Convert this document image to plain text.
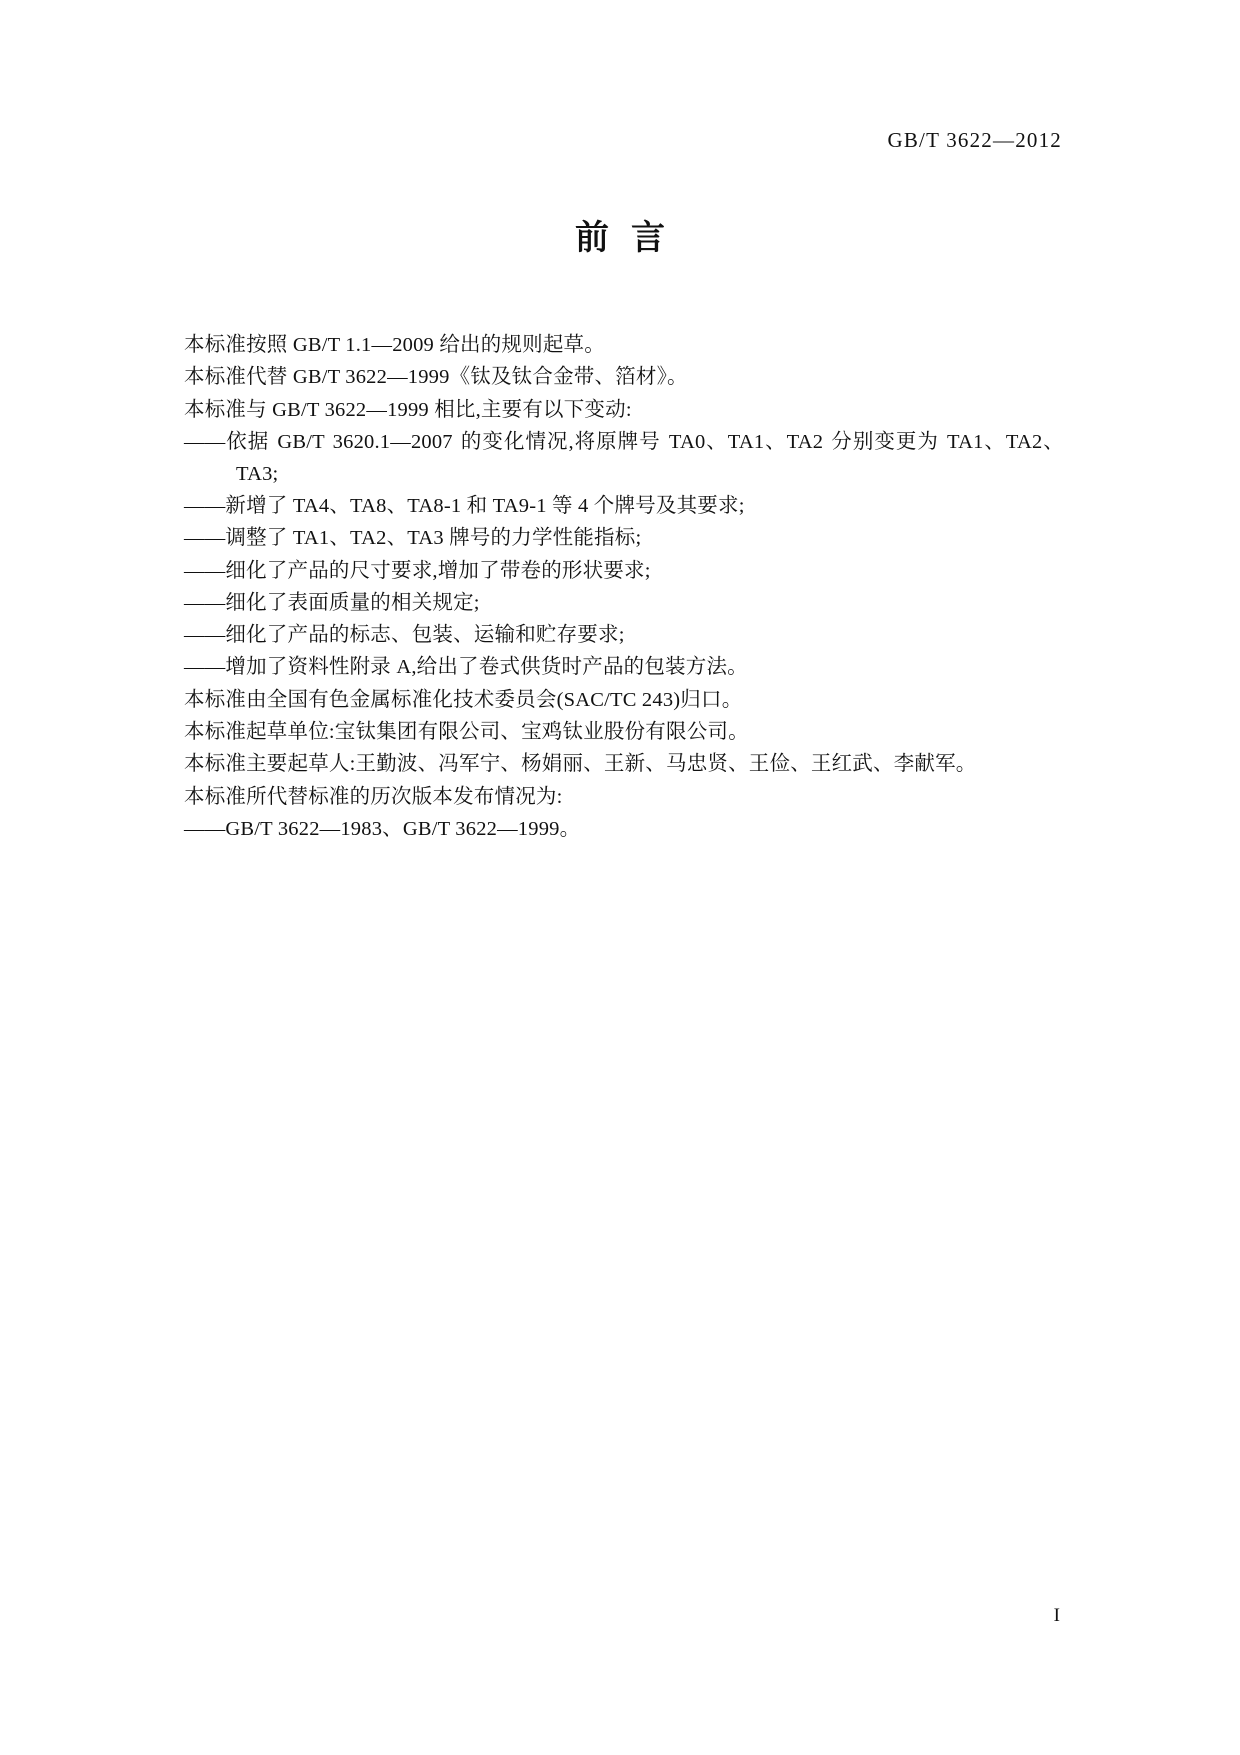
GB/T 3622—2012
前言

本标准按照 GB/T 1.1—2009 给出的规则起草。

本标准代替 GB/T 3622—1999《钛及钛合金带、箔材》。

本标准与 GB/T 3622—1999 相比,主要有以下变动:

——依据 GB/T 3620.1—2007 的变化情况,将原牌号 TA0、TA1、TA2 分别变更为 TA1、TA2、TA3;

——新增了 TA4、TA8、TA8-1 和 TA9-1 等 4 个牌号及其要求;

——调整了 TA1、TA2、TA3 牌号的力学性能指标;

——细化了产品的尺寸要求,增加了带卷的形状要求;

——细化了表面质量的相关规定;

——细化了产品的标志、包装、运输和贮存要求;

——增加了资料性附录 A,给出了卷式供货时产品的包装方法。

本标准由全国有色金属标准化技术委员会(SAC/TC 243)归口。

本标准起草单位:宝钛集团有限公司、宝鸡钛业股份有限公司。

本标准主要起草人:王勤波、冯军宁、杨娟丽、王新、马忠贤、王俭、王红武、李献军。

本标准所代替标准的历次版本发布情况为:

——GB/T 3622—1983、GB/T 3622—1999。

I
